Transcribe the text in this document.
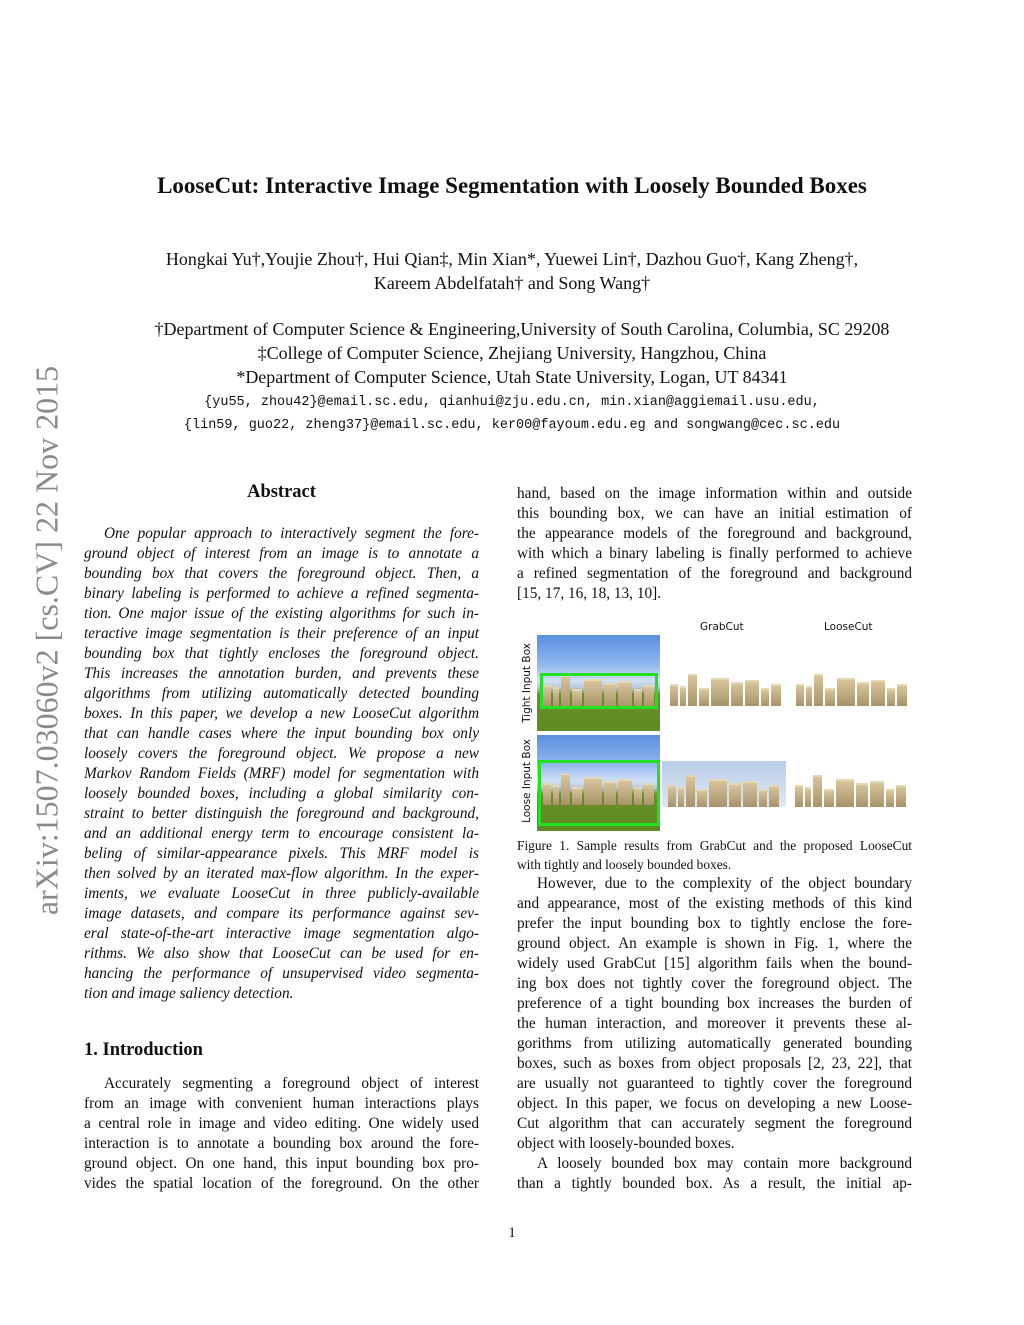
arXiv:1507.03060v2 [cs.CV] 22 Nov 2015
LooseCut: Interactive Image Segmentation with Loosely Bounded Boxes
Hongkai Yu†,Youjie Zhou†, Hui Qian‡, Min Xian*, Yuewei Lin†, Dazhou Guo†, Kang Zheng†,
Kareem Abdelfatah† and Song Wang†
†Department of Computer Science & Engineering,University of South Carolina, Columbia, SC 29208
‡College of Computer Science, Zhejiang University, Hangzhou, China
*Department of Computer Science, Utah State University, Logan, UT 84341
{yu55, zhou42}@email.sc.edu, qianhui@zju.edu.cn, min.xian@aggiemail.usu.edu,
{lin59, guo22, zheng37}@email.sc.edu, ker00@fayoum.edu.eg and songwang@cec.sc.edu
Abstract
One popular approach to interactively segment the fore-
ground object of interest from an image is to annotate a
bounding box that covers the foreground object. Then, a
binary labeling is performed to achieve a refined segmenta-
tion. One major issue of the existing algorithms for such in-
teractive image segmentation is their preference of an input
bounding box that tightly encloses the foreground object.
This increases the annotation burden, and prevents these
algorithms from utilizing automatically detected bounding
boxes. In this paper, we develop a new LooseCut algorithm
that can handle cases where the input bounding box only
loosely covers the foreground object. We propose a new
Markov Random Fields (MRF) model for segmentation with
loosely bounded boxes, including a global similarity con-
straint to better distinguish the foreground and background,
and an additional energy term to encourage consistent la-
beling of similar-appearance pixels. This MRF model is
then solved by an iterated max-flow algorithm. In the exper-
iments, we evaluate LooseCut in three publicly-available
image datasets, and compare its performance against sev-
eral state-of-the-art interactive image segmentation algo-
rithms. We also show that LooseCut can be used for en-
hancing the performance of unsupervised video segmenta-
tion and image saliency detection.
1. Introduction
Accurately segmenting a foreground object of interest
from an image with convenient human interactions plays
a central role in image and video editing. One widely used
interaction is to annotate a bounding box around the fore-
ground object. On one hand, this input bounding box pro-
vides the spatial location of the foreground. On the other
hand, based on the image information within and outside
this bounding box, we can have an initial estimation of
the appearance models of the foreground and background,
with which a binary labeling is finally performed to achieve
a refined segmentation of the foreground and background
[15, 17, 16, 18, 13, 10].
GrabCut	LooseCut
Tight Input Box
Loose Input Box
Figure 1. Sample results from GrabCut and the proposed LooseCut
with tightly and loosely bounded boxes.
However, due to the complexity of the object boundary
and appearance, most of the existing methods of this kind
prefer the input bounding box to tightly enclose the fore-
ground object. An example is shown in Fig. 1, where the
widely used GrabCut [15] algorithm fails when the bound-
ing box does not tightly cover the foreground object. The
preference of a tight bounding box increases the burden of
the human interaction, and moreover it prevents these al-
gorithms from utilizing automatically generated bounding
boxes, such as boxes from object proposals [2, 23, 22], that
are usually not guaranteed to tightly cover the foreground
object. In this paper, we focus on developing a new Loose-
Cut algorithm that can accurately segment the foreground
object with loosely-bounded boxes.
A loosely bounded box may contain more background
than a tightly bounded box. As a result, the initial ap-
1
